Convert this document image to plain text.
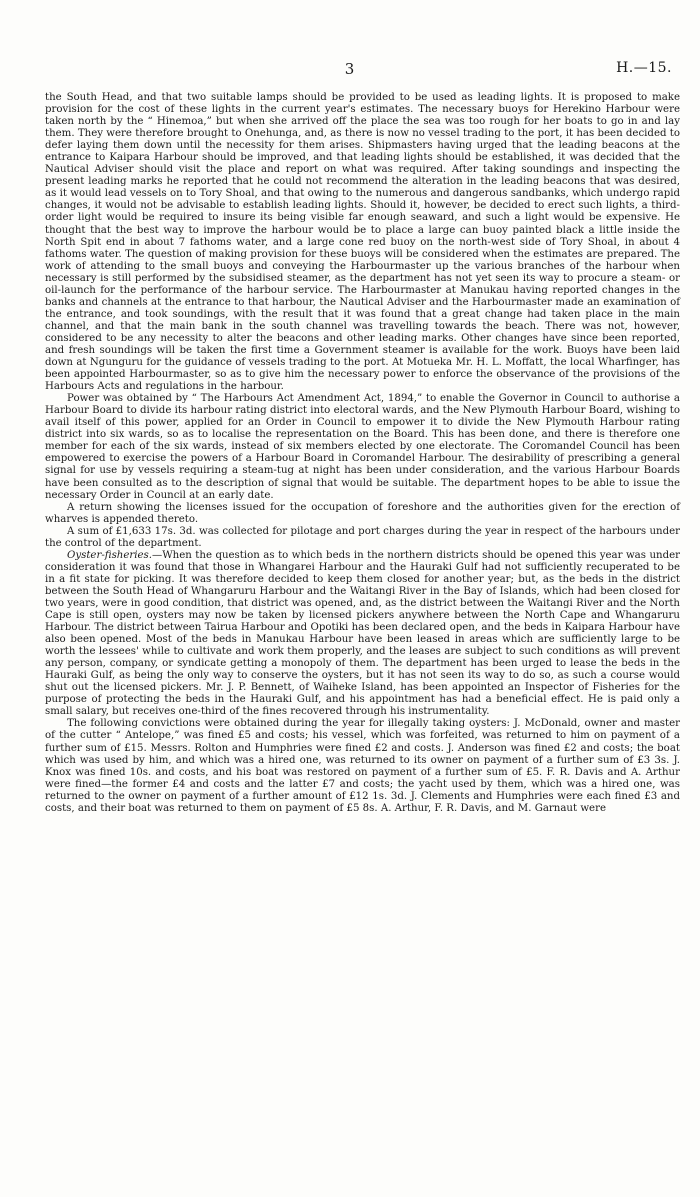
3	H.—15.

the South Head, and that two suitable lamps should be provided to be used as leading lights. It is proposed to make provision for the cost of these lights in the current year's estimates. The necessary buoys for Herekino Harbour were taken north by the “ Hinemoa,” but when she arrived off the place the sea was too rough for her boats to go in and lay them. They were therefore brought to Onehunga, and, as there is now no vessel trading to the port, it has been decided to defer laying them down until the necessity for them arises. Shipmasters having urged that the leading beacons at the entrance to Kaipara Harbour should be improved, and that leading lights should be established, it was decided that the Nautical Adviser should visit the place and report on what was required. After taking soundings and inspecting the present leading marks he reported that he could not recommend the alteration in the leading beacons that was desired, as it would lead vessels on to Tory Shoal, and that owing to the numerous and dangerous sandbanks, which undergo rapid changes, it would not be advisable to establish leading lights. Should it, however, be decided to erect such lights, a third-order light would be required to insure its being visible far enough seaward, and such a light would be expensive. He thought that the best way to improve the harbour would be to place a large can buoy painted black a little inside the North Spit end in about 7 fathoms water, and a large cone red buoy on the north-west side of Tory Shoal, in about 4 fathoms water. The question of making provision for these buoys will be considered when the estimates are prepared. The work of attending to the small buoys and conveying the Harbourmaster up the various branches of the harbour when necessary is still performed by the subsidised steamer, as the department has not yet seen its way to procure a steam- or oil-launch for the performance of the harbour service. The Harbourmaster at Manukau having reported changes in the banks and channels at the entrance to that harbour, the Nautical Adviser and the Harbourmaster made an examination of the entrance, and took soundings, with the result that it was found that a great change had taken place in the main channel, and that the main bank in the south channel was travelling towards the beach. There was not, however, considered to be any necessity to alter the beacons and other leading marks. Other changes have since been reported, and fresh soundings will be taken the first time a Government steamer is available for the work. Buoys have been laid down at Ngunguru for the guidance of vessels trading to the port. At Motueka Mr. H. L. Moffatt, the local Wharfinger, has been appointed Harbourmaster, so as to give him the necessary power to enforce the observance of the provisions of the Harbours Acts and regulations in the harbour.

Power was obtained by “ The Harbours Act Amendment Act, 1894,” to enable the Governor in Council to authorise a Harbour Board to divide its harbour rating district into electoral wards, and the New Plymouth Harbour Board, wishing to avail itself of this power, applied for an Order in Council to empower it to divide the New Plymouth Harbour rating district into six wards, so as to localise the representation on the Board. This has been done, and there is therefore one member for each of the six wards, instead of six members elected by one electorate. The Coromandel Council has been empowered to exercise the powers of a Harbour Board in Coromandel Harbour. The desirability of prescribing a general signal for use by vessels requiring a steam-tug at night has been under consideration, and the various Harbour Boards have been consulted as to the description of signal that would be suitable. The department hopes to be able to issue the necessary Order in Council at an early date.

A return showing the licenses issued for the occupation of foreshore and the authorities given for the erection of wharves is appended thereto.

A sum of £1,633 17s. 3d. was collected for pilotage and port charges during the year in respect of the harbours under the control of the department.

Oyster-fisheries.—When the question as to which beds in the northern districts should be opened this year was under consideration it was found that those in Whangarei Harbour and the Hauraki Gulf had not sufficiently recuperated to be in a fit state for picking. It was therefore decided to keep them closed for another year; but, as the beds in the district between the South Head of Whangaruru Harbour and the Waitangi River in the Bay of Islands, which had been closed for two years, were in good condition, that district was opened, and, as the district between the Waitangi River and the North Cape is still open, oysters may now be taken by licensed pickers anywhere between the North Cape and Whangaruru Harbour. The district between Tairua Harbour and Opotiki has been declared open, and the beds in Kaipara Harbour have also been opened. Most of the beds in Manukau Harbour have been leased in areas which are sufficiently large to be worth the lessees' while to cultivate and work them properly, and the leases are subject to such conditions as will prevent any person, company, or syndicate getting a monopoly of them. The department has been urged to lease the beds in the Hauraki Gulf, as being the only way to conserve the oysters, but it has not seen its way to do so, as such a course would shut out the licensed pickers. Mr. J. P. Bennett, of Waiheke Island, has been appointed an Inspector of Fisheries for the purpose of protecting the beds in the Hauraki Gulf, and his appointment has had a beneficial effect. He is paid only a small salary, but receives one-third of the fines recovered through his instrumentality.

The following convictions were obtained during the year for illegally taking oysters: J. McDonald, owner and master of the cutter “ Antelope,” was fined £5 and costs; his vessel, which was forfeited, was returned to him on payment of a further sum of £15. Messrs. Rolton and Humphries were fined £2 and costs. J. Anderson was fined £2 and costs; the boat which was used by him, and which was a hired one, was returned to its owner on payment of a further sum of £3 3s. J. Knox was fined 10s. and costs, and his boat was restored on payment of a further sum of £5. F. R. Davis and A. Arthur were fined—the former £4 and costs and the latter £7 and costs; the yacht used by them, which was a hired one, was returned to the owner on payment of a further amount of £12 1s. 3d. J. Clements and Humphries were each fined £3 and costs, and their boat was returned to them on payment of £5 8s. A. Arthur, F. R. Davis, and M. Garnaut were
